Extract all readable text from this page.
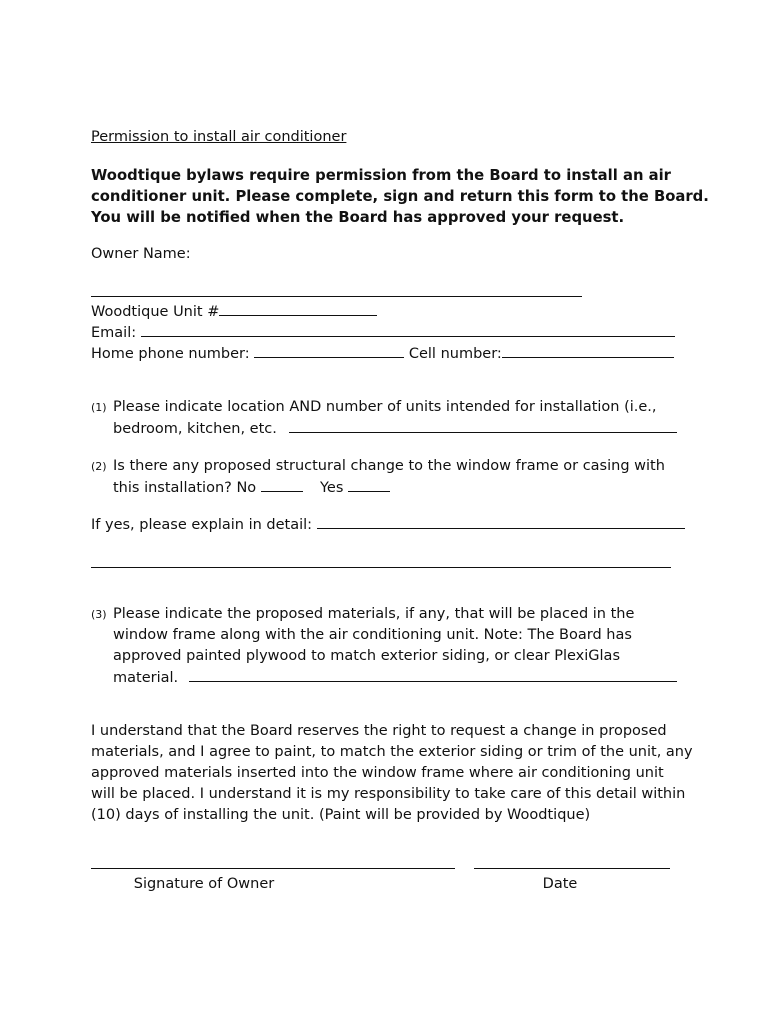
Permission to install air conditioner
Woodtique bylaws require permission from the Board to install an air
conditioner unit. Please complete, sign and return this form to the Board.
You will be notified when the Board has approved your request.
Owner Name:
Woodtique Unit #
Email:
Home phone number:	Cell number:
(1) Please indicate location AND number of units intended for installation (i.e.,
bedroom, kitchen, etc.
(2) Is there any proposed structural change to the window frame or casing with
this installation? No	Yes
If yes, please explain in detail:
(3) Please indicate the proposed materials, if any, that will be placed in the
window frame along with the air conditioning unit. Note: The Board has
approved painted plywood to match exterior siding, or clear PlexiGlas
material.
I understand that the Board reserves the right to request a change in proposed
materials, and I agree to paint, to match the exterior siding or trim of the unit, any
approved materials inserted into the window frame where air conditioning unit
will be placed. I understand it is my responsibility to take care of this detail within
(10) days of installing the unit. (Paint will be provided by Woodtique)
Signature of Owner	Date
